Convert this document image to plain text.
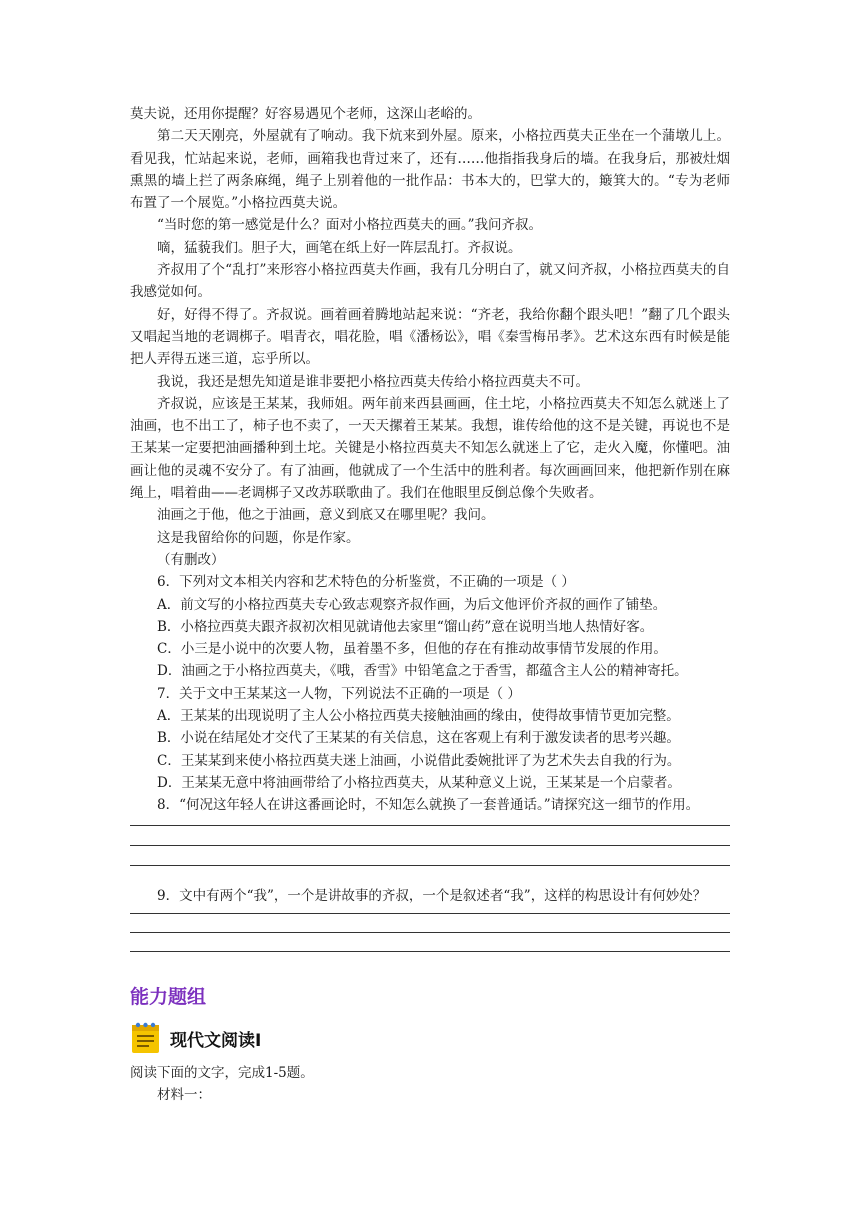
莫夫说，还用你提醒？好容易遇见个老师，这深山老峪的。

第二天天刚亮，外屋就有了响动。我下炕来到外屋。原来，小格拉西莫夫正坐在一个蒲墩儿上。看见我，忙站起来说，老师，画箱我也背过来了，还有……他指指我身后的墙。在我身后，那被灶烟熏黑的墙上拦了两条麻绳，绳子上别着他的一批作品：书本大的，巴掌大的，簸箕大的。“专为老师布置了一个展览。”小格拉西莫夫说。

“当时您的第一感觉是什么？面对小格拉西莫夫的画。”我问齐叔。

嘀，猛藐我们。胆子大，画笔在纸上好一阵层乱打。齐叔说。

齐叔用了个“乱打”来形容小格拉西莫夫作画，我有几分明白了，就又问齐叔，小格拉西莫夫的自我感觉如何。

好，好得不得了。齐叔说。画着画着腾地站起来说：“齐老，我给你翻个跟头吧！”翻了几个跟头又唱起当地的老调梆子。唱青衣，唱花脸，唱《潘杨讼》，唱《秦雪梅吊孝》。艺术这东西有时候是能把人弄得五迷三道，忘乎所以。

我说，我还是想先知道是谁非要把小格拉西莫夫传给小格拉西莫夫不可。

齐叔说，应该是王某某，我师姐。两年前来西县画画，住土坨，小格拉西莫夫不知怎么就迷上了油画，也不出工了，柿子也不卖了，一天天摞着王某某。我想，谁传给他的这不是关键，再说也不是王某某一定要把油画播种到土坨。关键是小格拉西莫夫不知怎么就迷上了它，走火入魔，你懂吧。油画让他的灵魂不安分了。有了油画，他就成了一个生活中的胜利者。每次画画回来，他把新作别在麻绳上，唱着曲——老调梆子又改苏联歌曲了。我们在他眼里反倒总像个失败者。

油画之于他，他之于油画，意义到底又在哪里呢？我问。

这是我留给你的问题，你是作家。

（有删改）

6．下列对文本相关内容和艺术特色的分析鉴赏，不正确的一项是（ ）

A．前文写的小格拉西莫夫专心致志观察齐叔作画，为后文他评价齐叔的画作了铺垫。

B．小格拉西莫夫跟齐叔初次相见就请他去家里“馏山药”意在说明当地人热情好客。

C．小三是小说中的次要人物，虽着墨不多，但他的存在有推动故事情节发展的作用。

D．油画之于小格拉西莫夫，《哦，香雪》中铅笔盒之于香雪，都蕴含主人公的精神寄托。

7．关于文中王某某这一人物，下列说法不正确的一项是（ ）

A．王某某的出现说明了主人公小格拉西莫夫接触油画的缘由，使得故事情节更加完整。

B．小说在结尾处才交代了王某某的有关信息，这在客观上有利于激发读者的思考兴趣。

C．王某某到来使小格拉西莫夫迷上油画，小说借此委婉批评了为艺术失去自我的行为。

D．王某某无意中将油画带给了小格拉西莫夫，从某种意义上说，王某某是一个启蒙者。

8．“何况这年轻人在讲这番画论时，不知怎么就换了一套普通话。”请探究这一细节的作用。

9．文中有两个“我”，一个是讲故事的齐叔，一个是叙述者“我”，这样的构思设计有何妙处？

能力题组
现代文阅读Ⅰ

阅读下面的文字，完成1-5题。

材料一：
